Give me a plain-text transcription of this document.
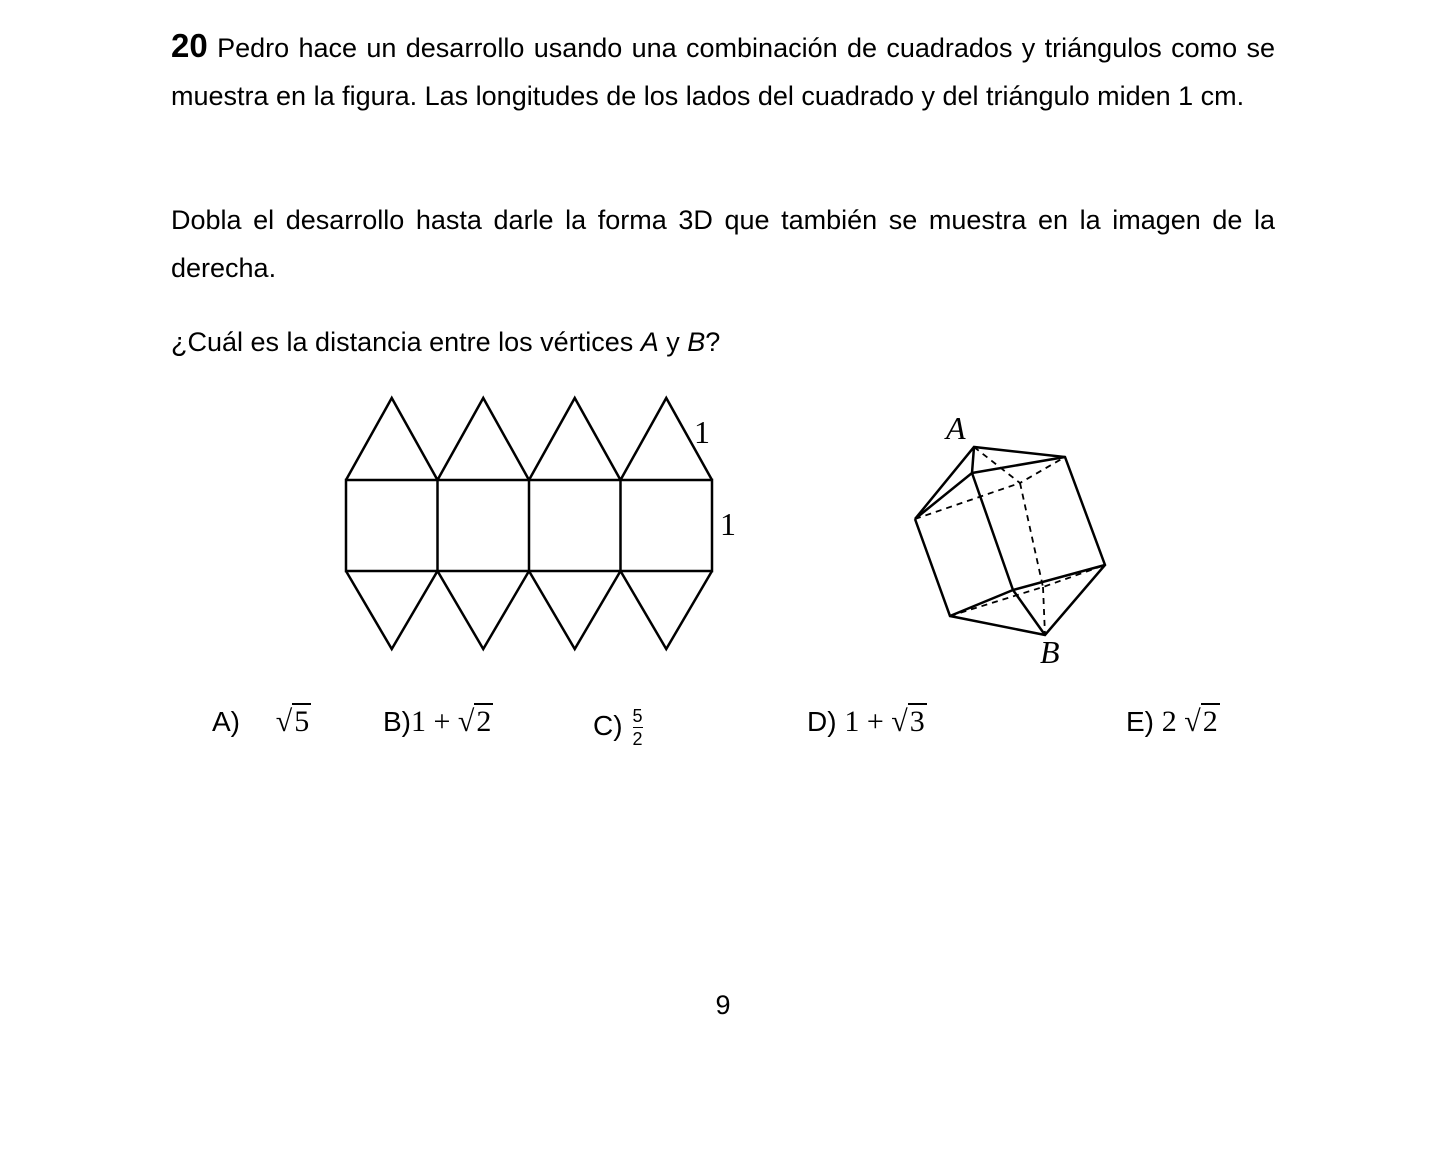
20 Pedro hace un desarrollo usando una combinación de cuadrados y triángulos como se muestra en la figura. Las longitudes de los lados del cuadrado y del triángulo miden 1 cm.

Dobla el desarrollo hasta darle la forma 3D que también se muestra en la imagen de la derecha.

¿Cuál es la distancia entre los vértices A y B?

1
1
A
B
A) √5	B)1 + √2	$C) \frac{5}{2}$	D) 1 + √3	E) 2 √2
9
